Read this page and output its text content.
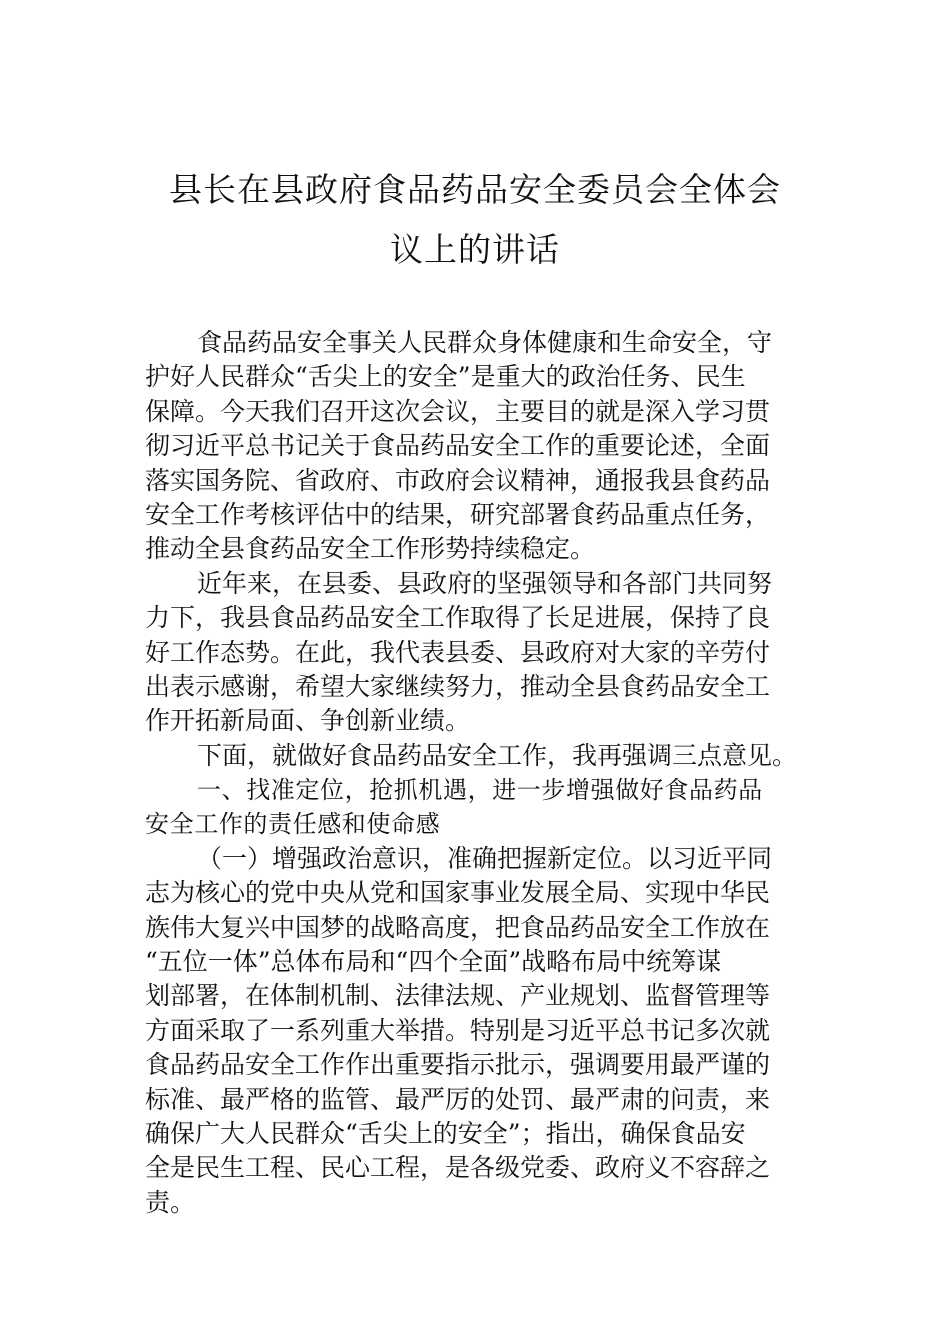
县长在县政府食品药品安全委员会全体会
议上的讲话
食品药品安全事关人民群众身体健康和生命安全，守
护好人民群众“舌尖上的安全”是重大的政治任务、民生
保障。今天我们召开这次会议，主要目的就是深入学习贯
彻习近平总书记关于食品药品安全工作的重要论述，全面
落实国务院、省政府、市政府会议精神，通报我县食药品
安全工作考核评估中的结果，研究部署食药品重点任务，
推动全县食药品安全工作形势持续稳定。
近年来，在县委、县政府的坚强领导和各部门共同努
力下，我县食品药品安全工作取得了长足进展，保持了良
好工作态势。在此，我代表县委、县政府对大家的辛劳付
出表示感谢，希望大家继续努力，推动全县食药品安全工
作开拓新局面、争创新业绩。
下面，就做好食品药品安全工作，我再强调三点意见。
一、找准定位，抢抓机遇，进一步增强做好食品药品
安全工作的责任感和使命感
（一）增强政治意识，准确把握新定位。以习近平同
志为核心的党中央从党和国家事业发展全局、实现中华民
族伟大复兴中国梦的战略高度，把食品药品安全工作放在
“五位一体”总体布局和“四个全面”战略布局中统筹谋
划部署，在体制机制、法律法规、产业规划、监督管理等
方面采取了一系列重大举措。特别是习近平总书记多次就
食品药品安全工作作出重要指示批示，强调要用最严谨的
标准、最严格的监管、最严厉的处罚、最严肃的问责，来
确保广大人民群众“舌尖上的安全”；指出，确保食品安
全是民生工程、民心工程，是各级党委、政府义不容辞之
责。
